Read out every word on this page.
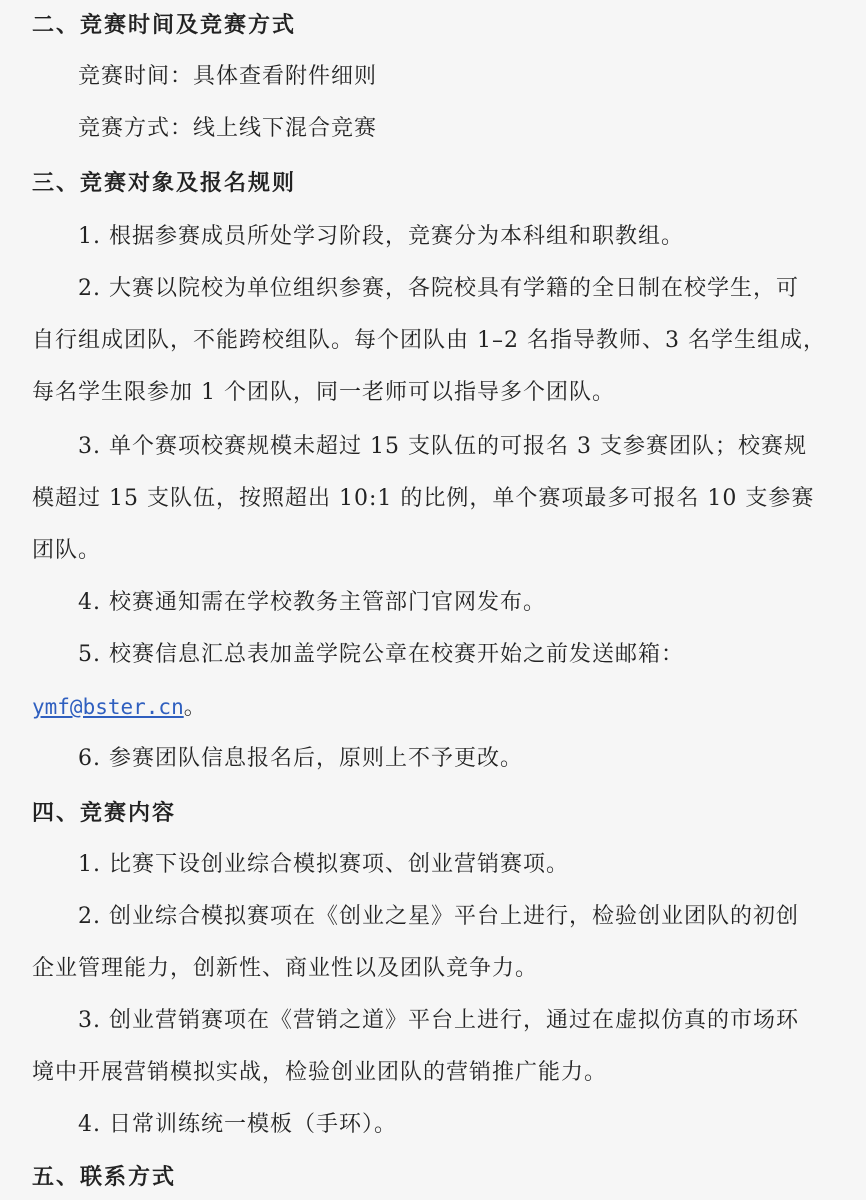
二、竞赛时间及竞赛方式
竞赛时间：具体查看附件细则
竞赛方式：线上线下混合竞赛
三、竞赛对象及报名规则
1. 根据参赛成员所处学习阶段，竞赛分为本科组和职教组。
2. 大赛以院校为单位组织参赛，各院校具有学籍的全日制在校学生，可
自行组成团队，不能跨校组队。每个团队由 1–2 名指导教师、3 名学生组成，
每名学生限参加 1 个团队，同一老师可以指导多个团队。
3. 单个赛项校赛规模未超过 15 支队伍的可报名 3 支参赛团队；校赛规
模超过 15 支队伍，按照超出 10:1 的比例，单个赛项最多可报名 10 支参赛
团队。
4. 校赛通知需在学校教务主管部门官网发布。
5. 校赛信息汇总表加盖学院公章在校赛开始之前发送邮箱：
ymf@bster.cn。
6. 参赛团队信息报名后，原则上不予更改。
四、竞赛内容
1. 比赛下设创业综合模拟赛项、创业营销赛项。
2. 创业综合模拟赛项在《创业之星》平台上进行，检验创业团队的初创
企业管理能力，创新性、商业性以及团队竞争力。
3. 创业营销赛项在《营销之道》平台上进行，通过在虚拟仿真的市场环
境中开展营销模拟实战，检验创业团队的营销推广能力。
4. 日常训练统一模板（手环）。
五、联系方式
